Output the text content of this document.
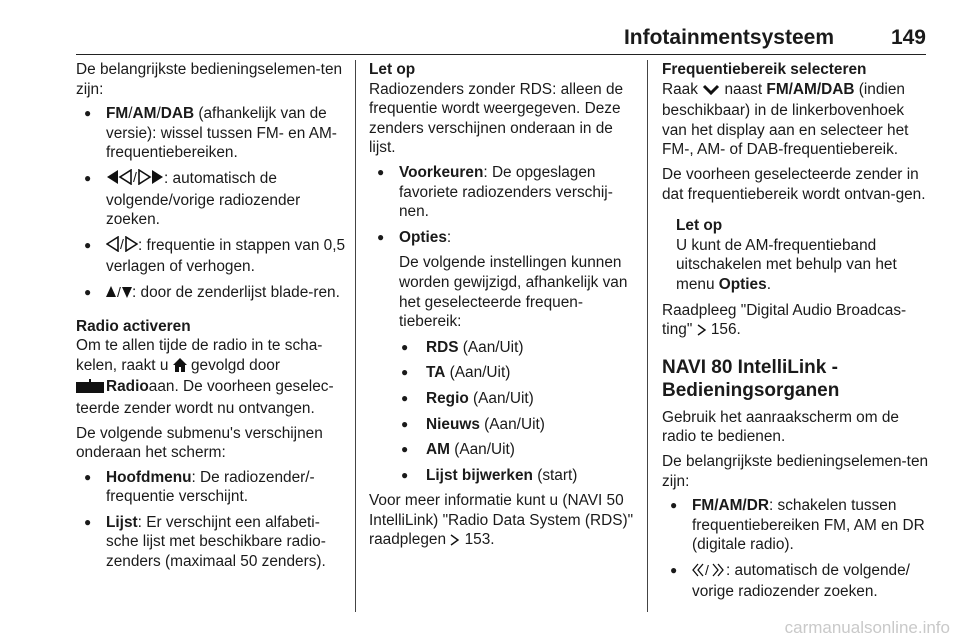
Infotainmentsysteem	149

De belangrijkste bedieningselemen-ten zijn:

● FM/AM/DAB (afhankelijk van de versie): wissel tussen FM- en AM-frequentiebereiken.
● / : automatisch de volgende/vorige radiozender zoeken.
● / : frequentie in stappen van 0,5 verlagen of verhogen.
● / : door de zenderlijst blade-ren.

Radio activeren

Om te allen tijde de radio in te scha-kelen, raakt u  gevolgd door
Radioaan. De voorheen geselec-teerde zender wordt nu ontvangen.

De volgende submenu's verschijnen onderaan het scherm:

● Hoofdmenu: De radiozender/-frequentie verschijnt.
● Lijst: Er verschijnt een alfabeti-sche lijst met beschikbare radio-zenders (maximaal 50 zenders).

Let op

Radiozenders zonder RDS: alleen de frequentie wordt weergegeven. Deze zenders verschijnen onderaan in de lijst.

● Voorkeuren: De opgeslagen favoriete radiozenders verschij-nen.
● Opties:
De volgende instellingen kunnen worden gewijzigd, afhankelijk van het geselecteerde frequen-tiebereik:
● RDS (Aan/Uit)
● TA (Aan/Uit)
● Regio (Aan/Uit)
● Nieuws (Aan/Uit)
● AM (Aan/Uit)
● Lijst bijwerken (start)

Voor meer informatie kunt u (NAVI 50 IntelliLink) "Radio Data System (RDS)" raadplegen  153.

Frequentiebereik selecteren

Raak  naast FM/AM/DAB (indien beschikbaar) in de linkerbovenhoek van het display aan en selecteer het FM-, AM- of DAB-frequentiebereik.

De voorheen geselecteerde zender in dat frequentiebereik wordt ontvan-gen.

Let op

U kunt de AM-frequentieband uitschakelen met behulp van het menu Opties.

Raadpleeg "Digital Audio Broadcas-ting"  156.

NAVI 80 IntelliLink - Bedieningsorganen

Gebruik het aanraakscherm om de radio te bedienen.

De belangrijkste bedieningselemen-ten zijn:

● FM/AM/DR: schakelen tussen frequentiebereiken FM, AM en DR (digitale radio).
● / : automatisch de volgende/ vorige radiozender zoeken.
carmanualsonline.info
